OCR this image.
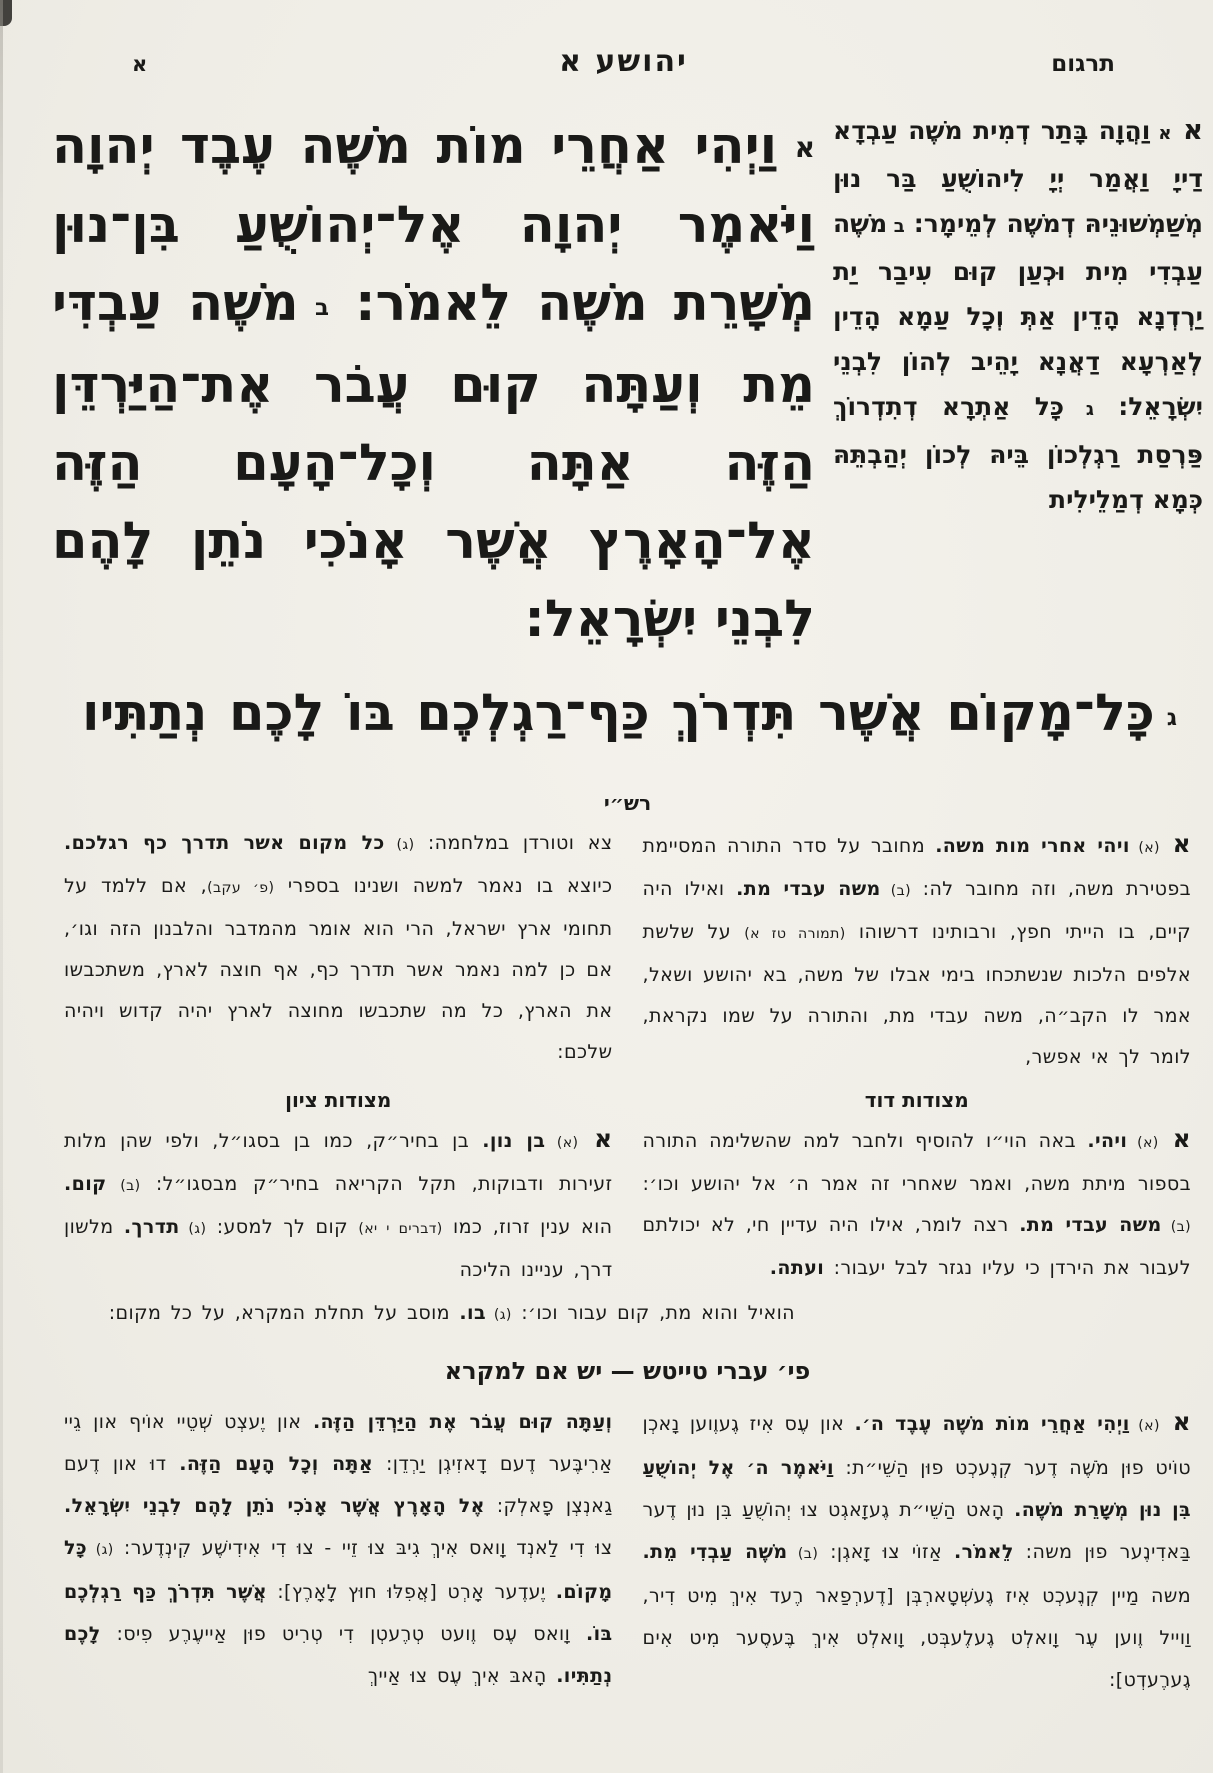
תרגום
יהושע א
א
א א וַהֲוָה בָּתַר דְמִית מֹשֶׁה עַבְדָא דַייָ וַאֲמַר יְיָ לִיהוֹשֻׁעַ בַּר נוּן מְשַׁמְשׁוּנֵיהּ דְמֹשֶׁה לְמֵימָר: ב מֹשֶׁה עַבְדִי מִית וּכְעַן קוּם עִיבַר יַת יַרְדְנָא הָדֵין אַתְּ וְכָל עַמָא הָדֵין לְאַרְעָא דַאֲנָא יָהֵיב לְהוֹן לִבְנֵי יִשְׂרָאֵל: ג כָּל אַתְרָא דְתִדְרוֹךְ פַּרְסַת רַגְלְכוֹן בֵּיהּ לְכוֹן יְהַבְתֵּהּ כְּמָא דְמַלֵילִית
א וַיְהִי אַחֲרֵי מוֹת מֹשֶׁה עֶבֶד יְהוָה וַיֹּאמֶר יְהוָה אֶל־יְהוֹשֻׁעַ בִּן־נוּן מְשָׁרֵת מֹשֶׁה לֵאמֹר: ב מֹשֶׁה עַבְדִּי מֵת וְעַתָּה קוּם עֲבֹר אֶת־הַיַּרְדֵּן הַזֶּה אַתָּה וְכָל־הָעָם הַזֶּה אֶל־הָאָרֶץ אֲשֶׁר אָנֹכִי נֹתֵן לָהֶם לִבְנֵי יִשְׂרָאֵל:
ג כָּל־מָקוֹם אֲשֶׁר תִּדְרֹךְ כַּף־רַגְלְכֶם בּוֹ לָכֶם נְתַתִּיו
רש״י
א (א) ויהי אחרי מות משה. מחובר על סדר התורה המסיימת בפטירת משה, וזה מחובר לה: (ב) משה עבדי מת. ואילו היה קיים, בו הייתי חפץ, ורבותינו דרשוהו (תמורה טז א) על שלשת אלפים הלכות שנשתכחו בימי אבלו של משה, בא יהושע ושאל, אמר לו הקב״ה, משה עבדי מת, והתורה על שמו נקראת, לומר לך אי אפשר,
צא וטורדן במלחמה: (ג) כל מקום אשר תדרך כף רגלכם. כיוצא בו נאמר למשה ושנינו בספרי (פ׳ עקב), אם ללמד על תחומי ארץ ישראל, הרי הוא אומר מהמדבר והלבנון הזה וגו׳, אם כן למה נאמר אשר תדרך כף, אף חוצה לארץ, משתכבשו את הארץ, כל מה שתכבשו מחוצה לארץ יהיה קדוש ויהיה שלכם:
מצודות דוד
מצודות ציון
א (א) ויהי. באה הוי״ו להוסיף ולחבר למה שהשלימה התורה בספור מיתת משה, ואמר שאחרי זה אמר ה׳ אל יהושע וכו׳: (ב) משה עבדי מת. רצה לומר, אילו היה עדיין חי, לא יכולתם לעבור את הירדן כי עליו נגזר לבל יעבור: ועתה.
א (א) בן נון. בן בחיר״ק, כמו בן בסגו״ל, ולפי שהן מלות זעירות ודבוקות, תקל הקריאה בחיר״ק מבסגו״ל: (ב) קום. הוא ענין זרוז, כמו (דברים י יא) קום לך למסע: (ג) תדרך. מלשון דרך, עניינו הליכה
הואיל והוא מת, קום עבור וכו׳: (ג) בו. מוסב על תחלת המקרא, על כל מקום:
פי׳ עברי טייטש — יש אם למקרא
א (א) וַיְהִי אַחֲרֵי מוֹת מֹשֶׁה עֶבֶד ה׳. און עֶס אִיז גֶעוֶוען נָאכְן טוֹיט פוּן מֹשֶׁה דֶער קְנֶעכְט פוּן הַשֵׁי״ת: וַיֹּאמֶר ה׳ אֶל יְהוֹשֻׁעַ בִּן נוּן מְשָׁרֵת מֹשֶׁה. הָאט הַשֵׁי״ת גֶעזָאגְט צוּ יְהוֹשֻׁעַ בִּן נוּן דֶער בַּאדִינֶער פוּן משה: לֵאמֹר. אַזוֹי צוּ זָאגְן: (ב) מֹשֶׁה עַבְדִי מֵת. משה מַיין קְנֶעכְט אִיז גֶעשְׁטָארְבְּן [דֶערְפַאר רֶעד אִיךְ מִיט דִיר, וַוייל וֶוען עֶר וָואלְט גֶעלֶעבְּט, וָואלְט אִיךְ בֶּעסֶער מִיט אִים גֶערֶעדְט]:
וְעַתָּה קוּם עֲבֹר אֶת הַיַּרְדֵּן הַזֶּה. און יֶעצְט שְׁטֵיי אוֹיף און גֵיי אַרִיבֶּער דֶעם דָאזִיגְן יַרְדֵן: אַתָּה וְכָל הָעָם הַזֶּה. דוּ און דֶעם גַאנְצְן פָאלְק: אֶל הָאָרֶץ אֲשֶׁר אָנֹכִי נֹתֵן לָהֶם לִבְנֵי יִשְׂרָאֵל. צוּ דִי לַאנְד וָואס אִיךְ גִיבּ צוּ זֵיי - צוּ דִי אִידִישֶׁע קִינְדֶער: (ג) כָּל מָקוֹם. יֶעדֶער אָרְט [אֲפִלּוּ חוּץ לָאָרֶץ]: אֲשֶׁר תִּדְרֹךְ כַּף רַגְלְכֶם בּוֹ. וָואס עֶס וֶועט טְרֶעטְן דִי טְרִיט פוּן אַייעֶרֶע פִיס: לָכֶם נְתַתִּיו. הָאבּ אִיךְ עֶס צוּ אַייךְ
